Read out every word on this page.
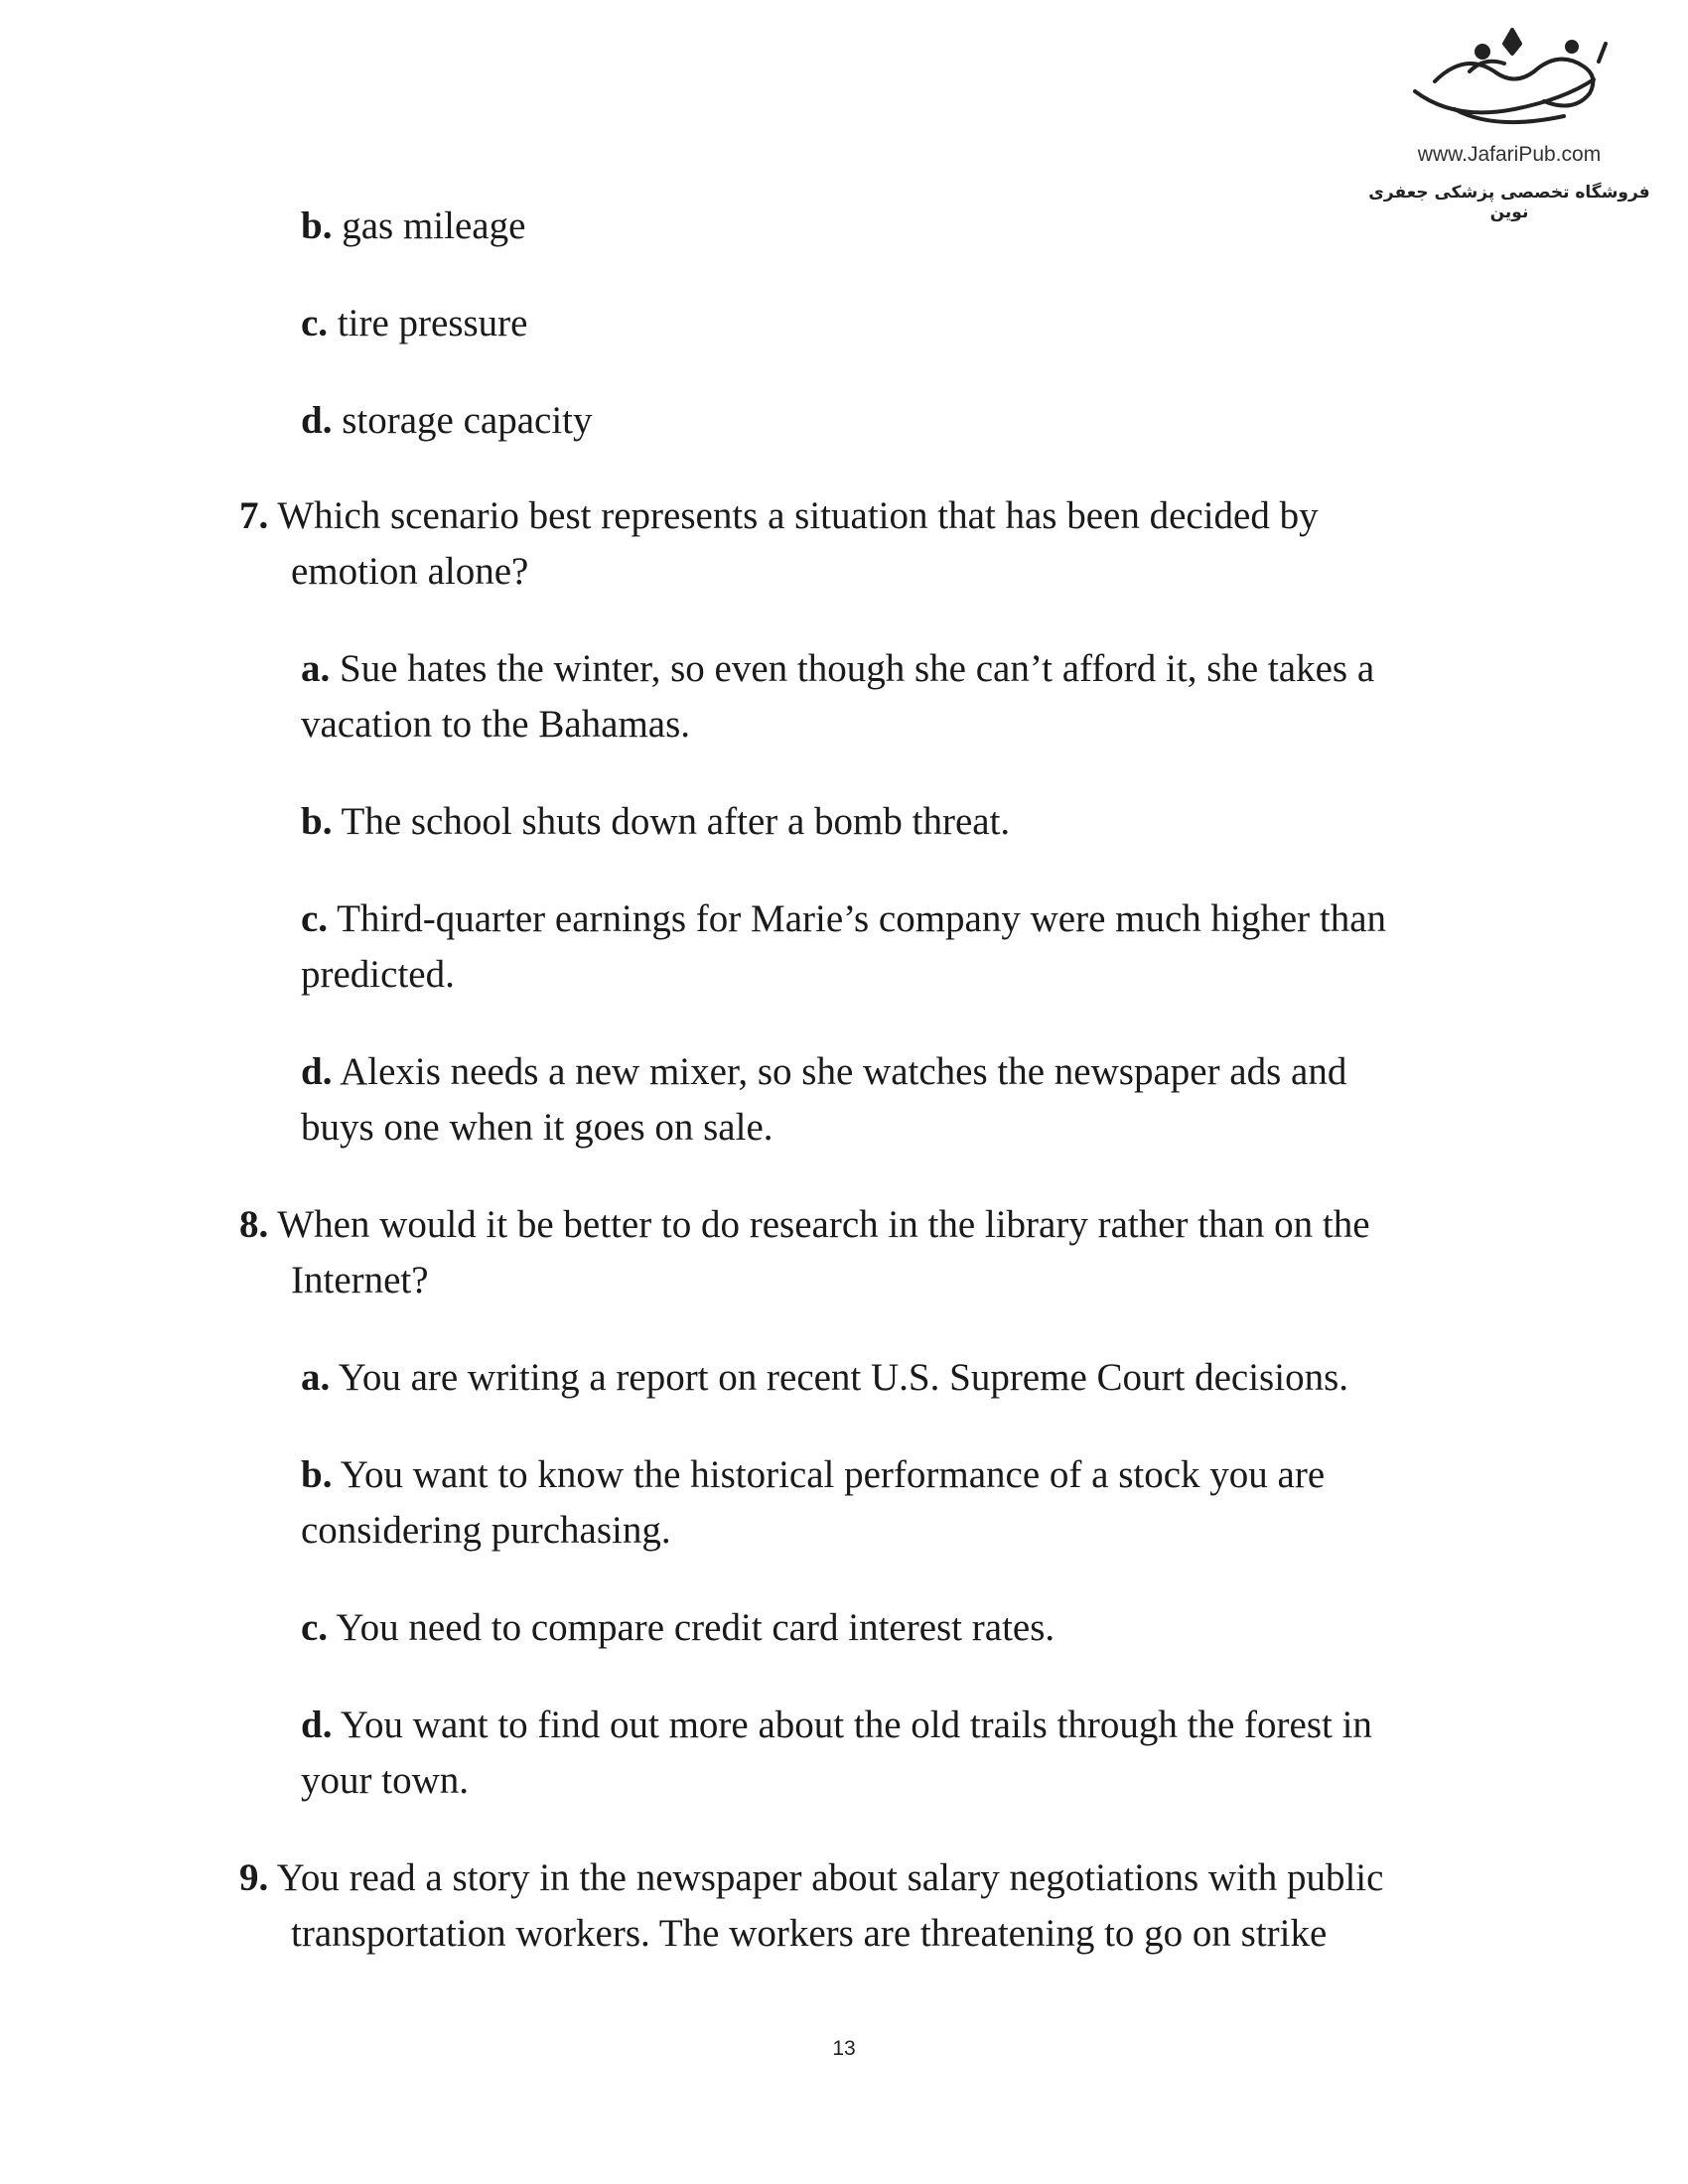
www.JafariPub.com
فروشگاه تخصصی پزشکی جعفری نوین
b. gas mileage
c. tire pressure
d. storage capacity
7. Which scenario best represents a situation that has been decided by
emotion alone?
a. Sue hates the winter, so even though she can’t afford it, she takes a
vacation to the Bahamas.
b. The school shuts down after a bomb threat.
c. Third-quarter earnings for Marie’s company were much higher than
predicted.
d. Alexis needs a new mixer, so she watches the newspaper ads and
buys one when it goes on sale.
8. When would it be better to do research in the library rather than on the
Internet?
a. You are writing a report on recent U.S. Supreme Court decisions.
b. You want to know the historical performance of a stock you are
considering purchasing.
c. You need to compare credit card interest rates.
d. You want to find out more about the old trails through the forest in
your town.
9. You read a story in the newspaper about salary negotiations with public
transportation workers. The workers are threatening to go on strike
13
